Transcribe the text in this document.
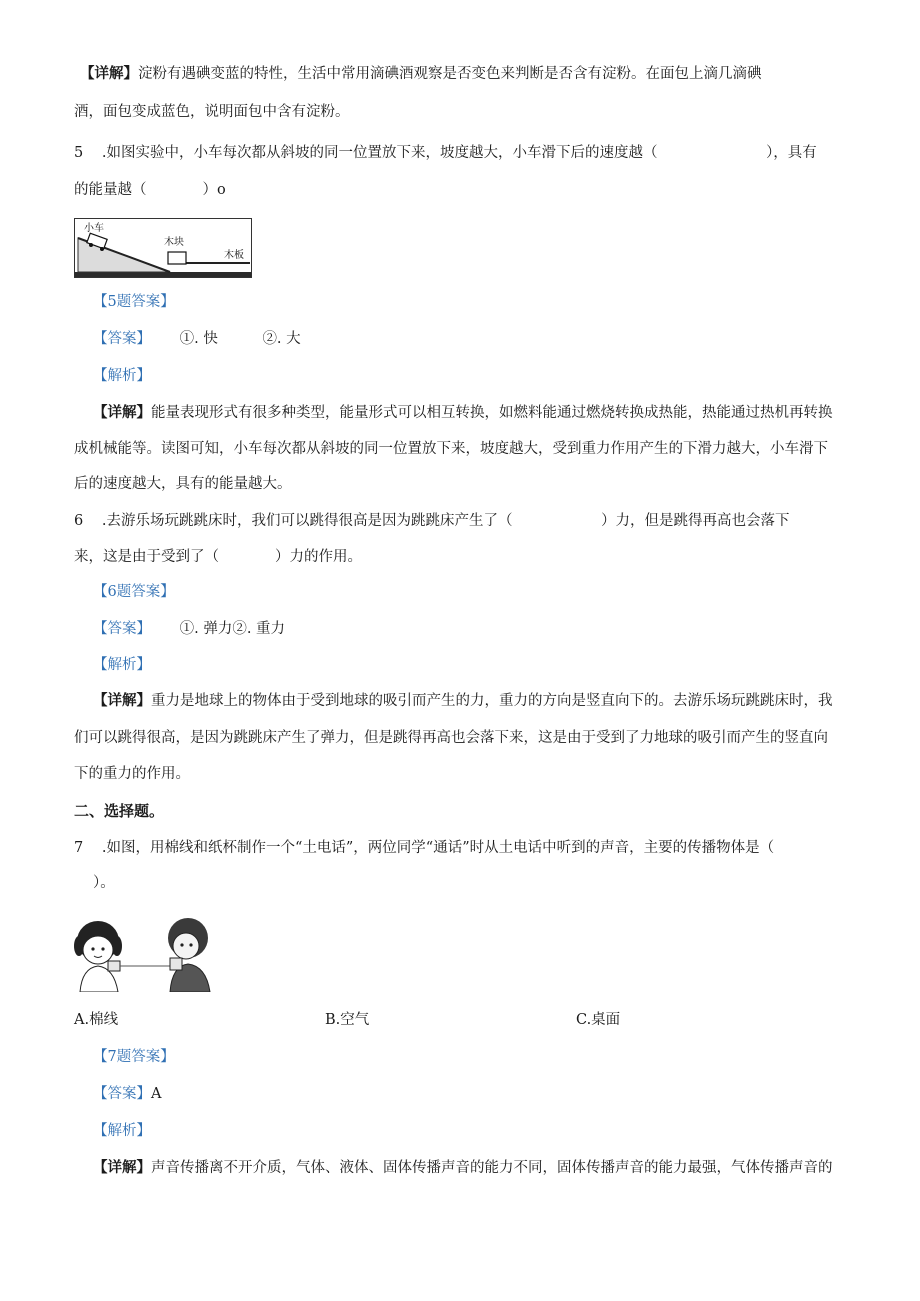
【详解】淀粉有遇碘变蓝的特性，生活中常用滴碘酒观察是否变色来判断是否含有淀粉。在面包上滴几滴碘
酒，面包变成蓝色，说明面包中含有淀粉。
5 .如图实验中，小车每次都从斜坡的同一位置放下来，坡度越大，小车滑下后的速度越（	），具有
的能量越（	）o
小车
木块
木板
【5题答案】
【答案】 ①. 快	②. 大
【解析】
【详解】能量表现形式有很多种类型，能量形式可以相互转换，如燃料能通过燃烧转换成热能，热能通过热机再转换
成机械能等。读图可知，小车每次都从斜坡的同一位置放下来，坡度越大，受到重力作用产生的下滑力越大，小车滑下
后的速度越大，具有的能量越大。
6 .去游乐场玩跳跳床时，我们可以跳得很高是因为跳跳床产生了（	）力，但是跳得再高也会落下
来，这是由于受到了（	）力的作用。
【6题答案】
【答案】 ①. 弹力②. 重力
【解析】
【详解】重力是地球上的物体由于受到地球的吸引而产生的力，重力的方向是竖直向下的。去游乐场玩跳跳床时，我
们可以跳得很高，是因为跳跳床产生了弹力，但是跳得再高也会落下来，这是由于受到了力地球的吸引而产生的竖直向
下的重力的作用。
二、选择题。
7 .如图，用棉线和纸杯制作一个“土电话”，两位同学“通话”时从土电话中听到的声音，主要的传播物体是（
）。
A.棉线	B.空气	C.桌面
【7题答案】
【答案】A
【解析】
【详解】声音传播离不开介质，气体、液体、固体传播声音的能力不同，固体传播声音的能力最强，气体传播声音的
